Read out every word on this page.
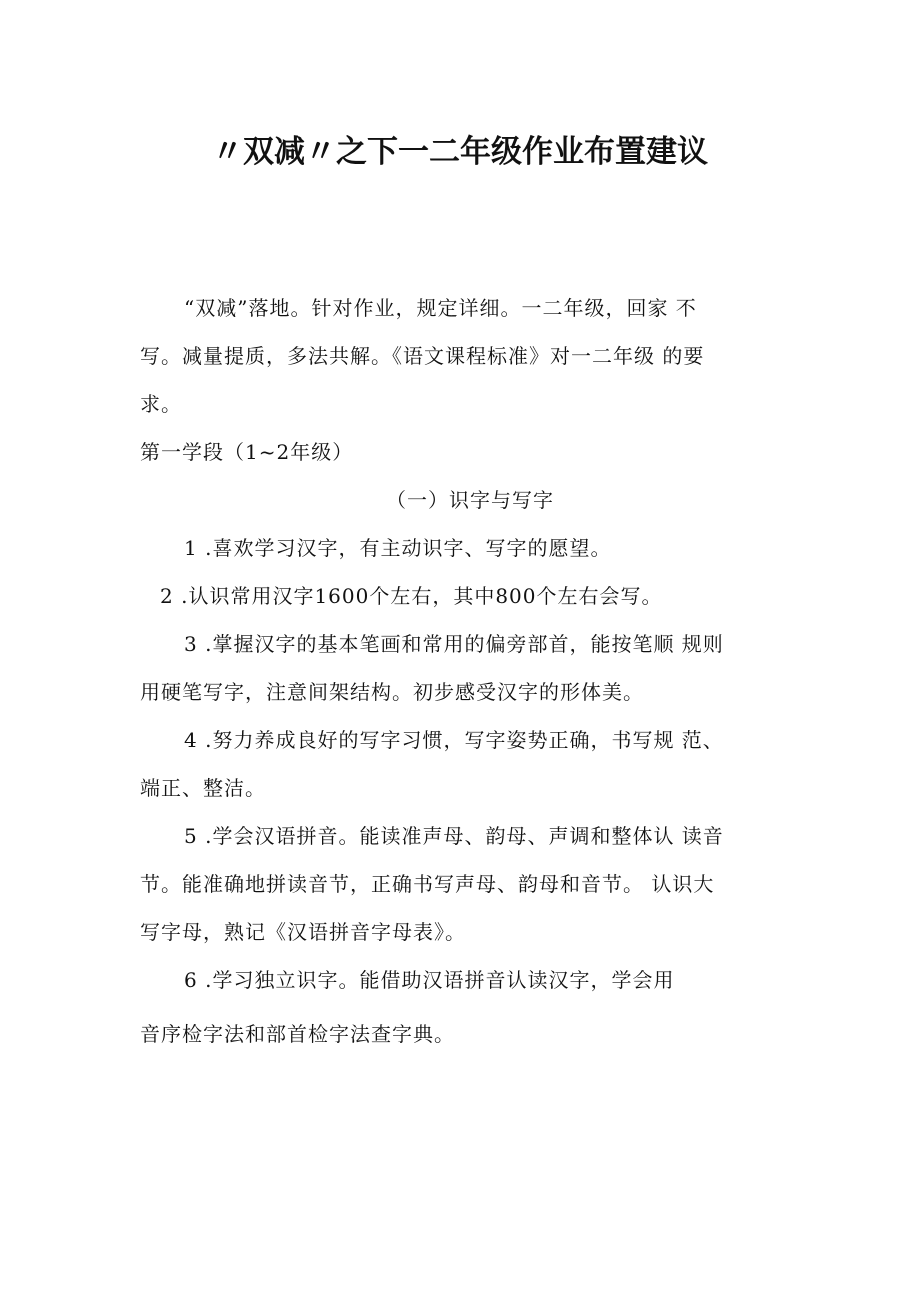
〃双减〃之下一二年级作业布置建议
“双减”落地。针对作业，规定详细。一二年级，回家 不
写。减量提质，多法共解。《语文课程标准》对一二年级 的要
求。
第一学段（1~2年级）
（一）识字与写字
1 .喜欢学习汉字，有主动识字、写字的愿望。
2 .认识常用汉字1600个左右，其中800个左右会写。
3 .掌握汉字的基本笔画和常用的偏旁部首，能按笔顺 规则
用硬笔写字，注意间架结构。初步感受汉字的形体美。
4 .努力养成良好的写字习惯，写字姿势正确，书写规 范、
端正、整洁。
5 .学会汉语拼音。能读准声母、韵母、声调和整体认 读音
节。能准确地拼读音节，正确书写声母、韵母和音节。 认识大
写字母，熟记《汉语拼音字母表》。
6 .学习独立识字。能借助汉语拼音认读汉字，学会用
音序检字法和部首检字法查字典。
